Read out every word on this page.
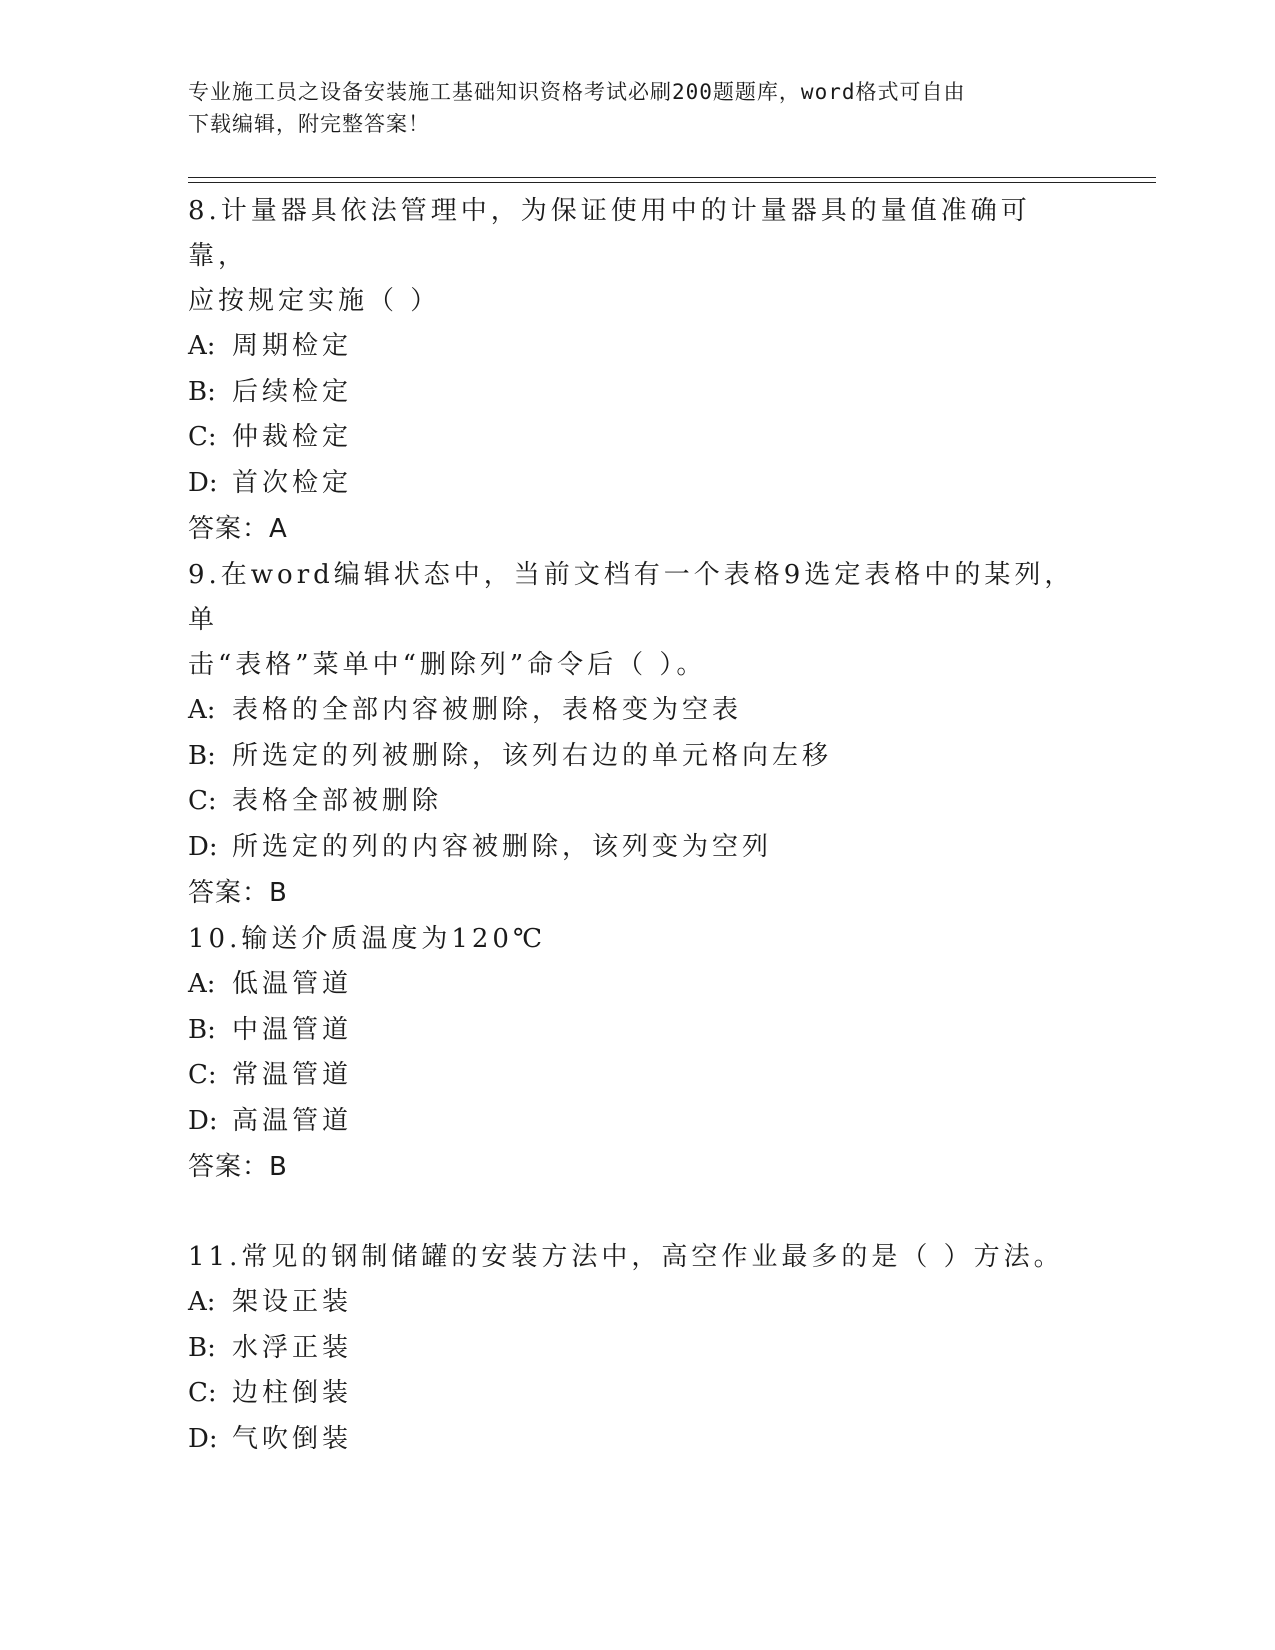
专业施工员之设备安装施工基础知识资格考试必刷200题题库，word格式可自由
下载编辑，附完整答案！
8.计量器具依法管理中，为保证使用中的计量器具的量值准确可靠，
应按规定实施（ ）
A: 周期检定
B: 后续检定
C: 仲裁检定
D: 首次检定
答案：A
9.在word编辑状态中，当前文档有一个表格9选定表格中的某列，单
击“表格”菜单中“删除列”命令后（ ）。
A: 表格的全部内容被删除，表格变为空表
B: 所选定的列被删除，该列右边的单元格向左移
C: 表格全部被删除
D: 所选定的列的内容被删除，该列变为空列
答案：B
10.输送介质温度为120℃
A: 低温管道
B: 中温管道
C: 常温管道
D: 高温管道
答案：B
11.常见的钢制储罐的安装方法中，高空作业最多的是（ ）方法。
A: 架设正装
B: 水浮正装
C: 边柱倒装
D: 气吹倒装
